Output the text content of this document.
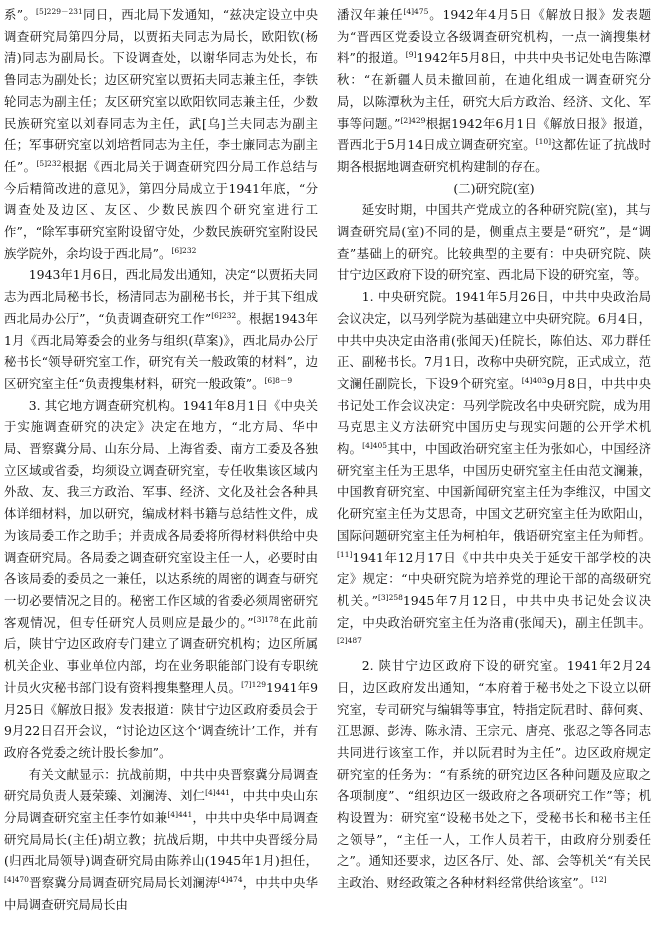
系”。$^{[5]229-231}$同日，西北局下发通知，“兹决定设立中央调查研究局第四分局，以贾拓夫同志为局长，欧阳钦(杨清)同志为副局长。下设调查处，以谢华同志为处长，布鲁同志为副处长；边区研究室以贾拓夫同志兼主任，李铁轮同志为副主任；友区研究室以欧阳钦同志兼主任，少数民族研究室以刘春同志为主任，武[乌]兰夫同志为副主任；军事研究室以刘培哲同志为主任，李士廉同志为副主任”。$^{[5]232}$根据《西北局关于调查研究四分局工作总结与今后精简改进的意见》，第四分局成立于1941年底，“分调查处及边区、友区、少数民族四个研究室进行工作”，“除军事研究室附设留守处，少数民族研究室附设民族学院外，余均设于西北局”。$^{[6]232}$

1943年1月6日，西北局发出通知，决定“以贾拓夫同志为西北局秘书长，杨清同志为副秘书长，并于其下组成西北局办公厅”，“负责调查研究工作”$^{[6]232}$。根据1943年1月《西北局筹委会的业务与组织(草案)》，西北局办公厅秘书长“领导研究室工作，研究有关一般政策的材料”，边区研究室主任“负责搜集材料，研究一般政策”。$^{[6]8-9}$

3. 其它地方调查研究机构。1941年8月1日《中央关于实施调查研究的决定》决定在地方，“北方局、华中局、晋察冀分局、山东分局、上海省委、南方工委及各独立区域或省委，均须设立调查研究室，专任收集该区域内外敌、友、我三方政治、军事、经济、文化及社会各种具体详细材料，加以研究，编成材料书籍与总结性文件，成为该局委工作之助手；并责成各局委将所得材料供给中央调查研究局。各局委之调查研究室设主任一人，必要时由各该局委的委员之一兼任，以达系统的周密的调查与研究一切必要情况之目的。秘密工作区域的省委必须周密研究客观情况，但专任研究人员则应是最少的。”$^{[3]178}$在此前后，陕甘宁边区政府专门建立了调查研究机构；边区所属机关企业、事业单位内部，均在业务职能部门设有专职统计员火灾秘书部门设有资料搜集整理人员。$^{[7]129}$1941年9月25日《解放日报》发表报道：陕甘宁边区政府委员会于9月22日召开会议，“讨论边区这个‘调查统计’工作，并有政府各党委之统计股长参加”。

有关文献显示：抗战前期，中共中央晋察冀分局调查研究局负责人聂荣臻、刘澜涛、刘仁$^{[4]441}$，中共中央山东分局调查研究室主任李竹如兼$^{[4]441}$，中共中央华中局调查研究局局长(主任)胡立教；抗战后期，中共中央晋绥分局(归西北局领导)调查研究局由陈养山(1945年1月)担任，$^{[4]470}$晋察冀分局调查研究局局长刘澜涛$^{[4]474}$，中共中央华中局调查研究局局长由

潘汉年兼任$^{[4]475}$。1942年4月5日《解放日报》发表题为“晋西区党委设立各级调查研究机构，一点一滴搜集材料”的报道。[9]1942年5月8日，中共中央书记处电告陈潭秋：“在新疆人员未撤回前，在迪化组成一调查研究分局，以陈潭秋为主任，研究大后方政治、经济、文化、军事等问题。”$^{[2]429}$根据1942年6月1日《解放日报》报道，晋西北于5月14日成立调查研究室。[10]这都佐证了抗战时期各根据地调查研究机构建制的存在。

(二)研究院(室)

延安时期，中国共产党成立的各种研究院(室)，其与调查研究局(室)不同的是，侧重点主要是“研究”，是“调查”基础上的研究。比较典型的主要有：中央研究院、陕甘宁边区政府下设的研究室、西北局下设的研究室，等。

1. 中央研究院。1941年5月26日，中共中央政治局会议决定，以马列学院为基础建立中央研究院。6月4日，中共中央决定由洛甫(张闻天)任院长，陈伯达、邓力群任正、副秘书长。7月1日，改称中央研究院，正式成立，范文澜任副院长，下设9个研究室。$^{[4]403}$9月8日，中共中央书记处工作会议决定：马列学院改名中央研究院，成为用马克思主义方法研究中国历史与现实问题的公开学术机构。$^{[4]405}$其中，中国政治研究室主任为张如心，中国经济研究室主任为王思华，中国历史研究室主任由范文澜兼，中国教育研究室、中国新闻研究室主任为李维汉，中国文化研究室主任为艾思奇，中国文艺研究室主任为欧阳山，国际问题研究室主任为柯柏年，俄语研究室主任为师哲。[11]1941年12月17日《中共中央关于延安干部学校的决定》规定：“中央研究院为培养党的理论干部的高级研究机关。”$^{[3]258}$1945年7月12日，中共中央书记处会议决定，中央政治研究室主任为洛甫(张闻天)，副主任凯丰。$^{[2]487}$

2. 陕甘宁边区政府下设的研究室。1941年2月24日，边区政府发出通知，“本府着于秘书处之下设立以研究室，专司研究与编辑等事宜，特指定阮君时、薛何爽、江思源、彭涛、陈永清、王宗元、唐亮、张忍之等各同志共同进行该室工作，并以阮君时为主任”。边区政府规定研究室的任务为：“有系统的研究边区各种问题及应取之各项制度”、“组织边区一级政府之各项研究工作”等；机构设置为：研究室“设秘书处之下，受秘书长和秘书主任之领导”，“主任一人，工作人员若干，由政府分别委任之”。通知还要求，边区各厅、处、部、会等机关“有关民主政治、财经政策之各种材料经常供给该室”。[12]
